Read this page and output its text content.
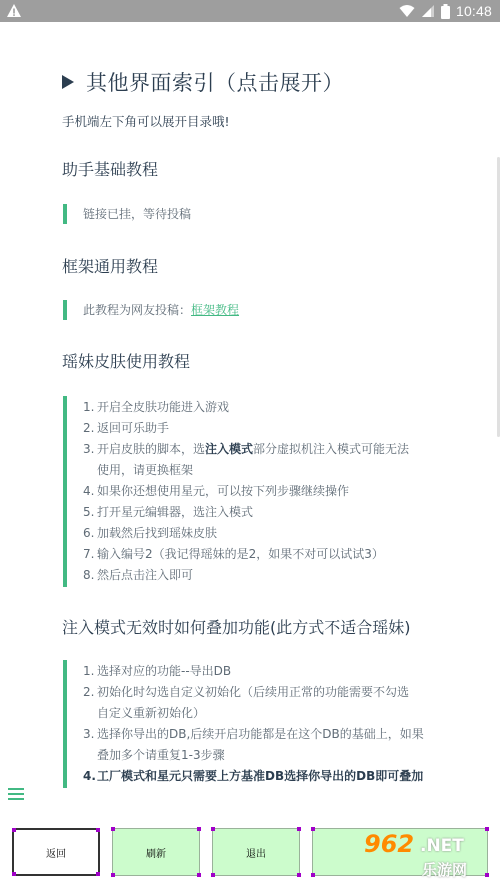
10:48
其他界面索引（点击展开）
手机端左下角可以展开目录哦!
助手基础教程
链接已挂，等待投稿
框架通用教程
此教程为网友投稿：框架教程
瑶妹皮肤使用教程
1. 开启全皮肤功能进入游戏
2. 返回可乐助手
3. 开启皮肤的脚本，选注入模式部分虚拟机注入模式可能无法
使用，请更换框架
4. 如果你还想使用星元，可以按下列步骤继续操作
5. 打开星元编辑器，选注入模式
6. 加载然后找到瑶妹皮肤
7. 输入编号2（我记得瑶妹的是2，如果不对可以试试3）
8. 然后点击注入即可
注入模式无效时如何叠加功能(此方式不适合瑶妹)
1. 选择对应的功能--导出DB
2. 初始化时勾选自定义初始化（后续用正常的功能需要不勾选
自定义重新初始化）
3. 选择你导出的DB,后续开启功能都是在这个DB的基础上，如果
叠加多个请重复1-3步骤
4. 工厂模式和星元只需要上方基准DB选择你导出的DB即可叠加
返回	刷新	退出	962 .NET
乐游网
